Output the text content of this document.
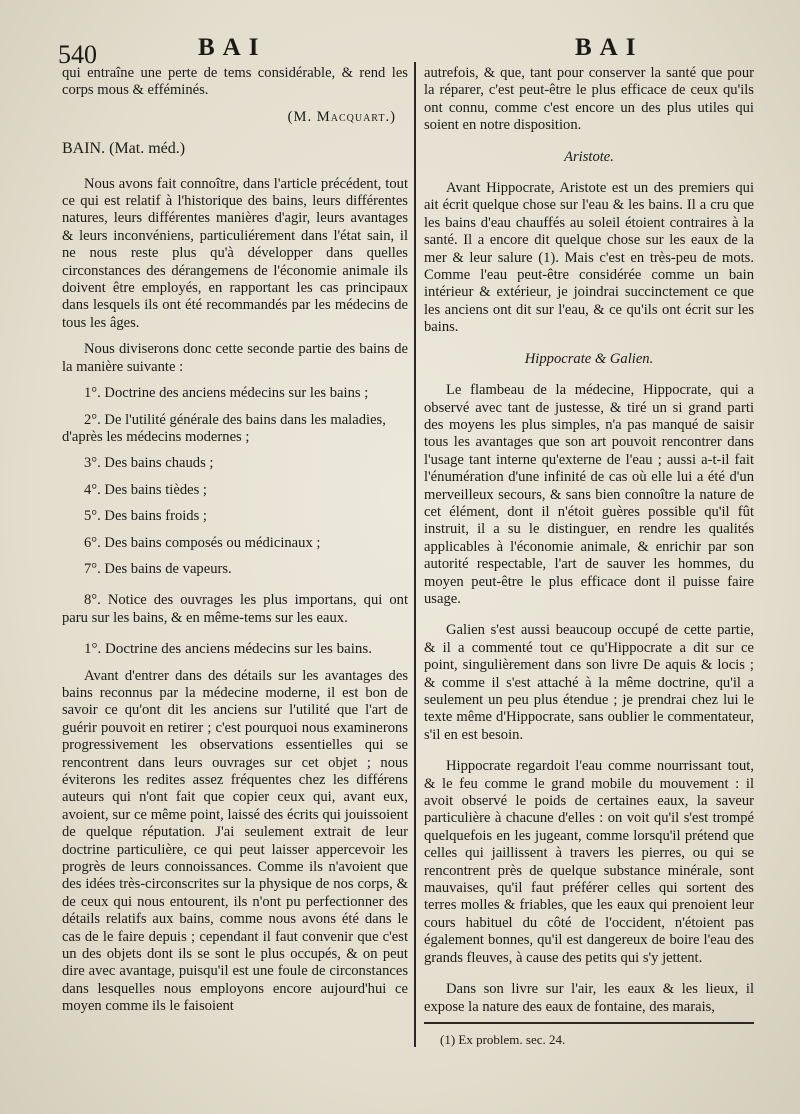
540	BAI	BAI

qui entraîne une perte de tems considérable, & rend les corps mous & efféminés.

(M. Macquart.)

BAIN. (Mat. méd.)

Nous avons fait connoître, dans l'article précédent, tout ce qui est relatif à l'historique des bains, leurs différentes natures, leurs différentes manières d'agir, leurs avantages & leurs inconvéniens, particuliérement dans l'état sain, il ne nous reste plus qu'à développer dans quelles circonstances des dérangemens de l'économie animale ils doivent être employés, en rapportant les cas principaux dans lesquels ils ont été recommandés par les médecins de tous les âges.

Nous diviserons donc cette seconde partie des bains de la manière suivante :

1°. Doctrine des anciens médecins sur les bains ;

2°. De l'utilité générale des bains dans les maladies, d'après les médecins modernes ;

3°. Des bains chauds ;

4°. Des bains tièdes ;

5°. Des bains froids ;

6°. Des bains composés ou médicinaux ;

7°. Des bains de vapeurs.

8°. Notice des ouvrages les plus importans, qui ont paru sur les bains, & en même-tems sur les eaux.

1°. Doctrine des anciens médecins sur les bains.

Avant d'entrer dans des détails sur les avantages des bains reconnus par la médecine moderne, il est bon de savoir ce qu'ont dit les anciens sur l'utilité que l'art de guérir pouvoit en retirer ; c'est pourquoi nous examinerons progressivement les observations essentielles qui se rencontrent dans leurs ouvrages sur cet objet ; nous éviterons les redites assez fréquentes chez les différens auteurs qui n'ont fait que copier ceux qui, avant eux, avoient, sur ce même point, laissé des écrits qui jouissoient de quelque réputation. J'ai seulement extrait de leur doctrine particulière, ce qui peut laisser appercevoir les progrès de leurs connoissances. Comme ils n'avoient que des idées très-circonscrites sur la physique de nos corps, & de ceux qui nous entourent, ils n'ont pu perfectionner des détails relatifs aux bains, comme nous avons été dans le cas de le faire depuis ; cependant il faut convenir que c'est un des objets dont ils se sont le plus occupés, & on peut dire avec avantage, puisqu'il est une foule de circonstances dans lesquelles nous employons encore aujourd'hui ce moyen comme ils le faisoient

autrefois, & que, tant pour conserver la santé que pour la réparer, c'est peut-être le plus efficace de ceux qu'ils ont connu, comme c'est encore un des plus utiles qui soient en notre disposition.

Aristote.

Avant Hippocrate, Aristote est un des premiers qui ait écrit quelque chose sur l'eau & les bains. Il a cru que les bains d'eau chauffés au soleil étoient contraires à la santé. Il a encore dit quelque chose sur les eaux de la mer & leur salure (1). Mais c'est en très-peu de mots. Comme l'eau peut-être considérée comme un bain intérieur & extérieur, je joindrai succinctement ce que les anciens ont dit sur l'eau, & ce qu'ils ont écrit sur les bains.

Hippocrate & Galien.

Le flambeau de la médecine, Hippocrate, qui a observé avec tant de justesse, & tiré un si grand parti des moyens les plus simples, n'a pas manqué de saisir tous les avantages que son art pouvoit rencontrer dans l'usage tant interne qu'externe de l'eau ; aussi a-t-il fait l'énumération d'une infinité de cas où elle lui a été d'un merveilleux secours, & sans bien connoître la nature de cet élément, dont il n'étoit guères possible qu'il fût instruit, il a su le distinguer, en rendre les qualités applicables à l'économie animale, & enrichir par son autorité respectable, l'art de sauver les hommes, du moyen peut-être le plus efficace dont il puisse faire usage.

Galien s'est aussi beaucoup occupé de cette partie, & il a commenté tout ce qu'Hippocrate a dit sur ce point, singulièrement dans son livre De aquis & locis ; & comme il s'est attaché à la même doctrine, qu'il a seulement un peu plus étendue ; je prendrai chez lui le texte même d'Hippocrate, sans oublier le commentateur, s'il en est besoin.

Hippocrate regardoit l'eau comme nourrissant tout, & le feu comme le grand mobile du mouvement : il avoit observé le poids de certaines eaux, la saveur particulière à chacune d'elles : on voit qu'il s'est trompé quelquefois en les jugeant, comme lorsqu'il prétend que celles qui jaillissent à travers les pierres, ou qui se rencontrent près de quelque substance minérale, sont mauvaises, qu'il faut préférer celles qui sortent des terres molles & friables, que les eaux qui prenoient leur cours habituel du côté de l'occident, n'étoient pas également bonnes, qu'il est dangereux de boire l'eau des grands fleuves, à cause des petits qui s'y jettent.

Dans son livre sur l'air, les eaux & les lieux, il expose la nature des eaux de fontaine, des marais,

(1) Ex problem. sec. 24.
